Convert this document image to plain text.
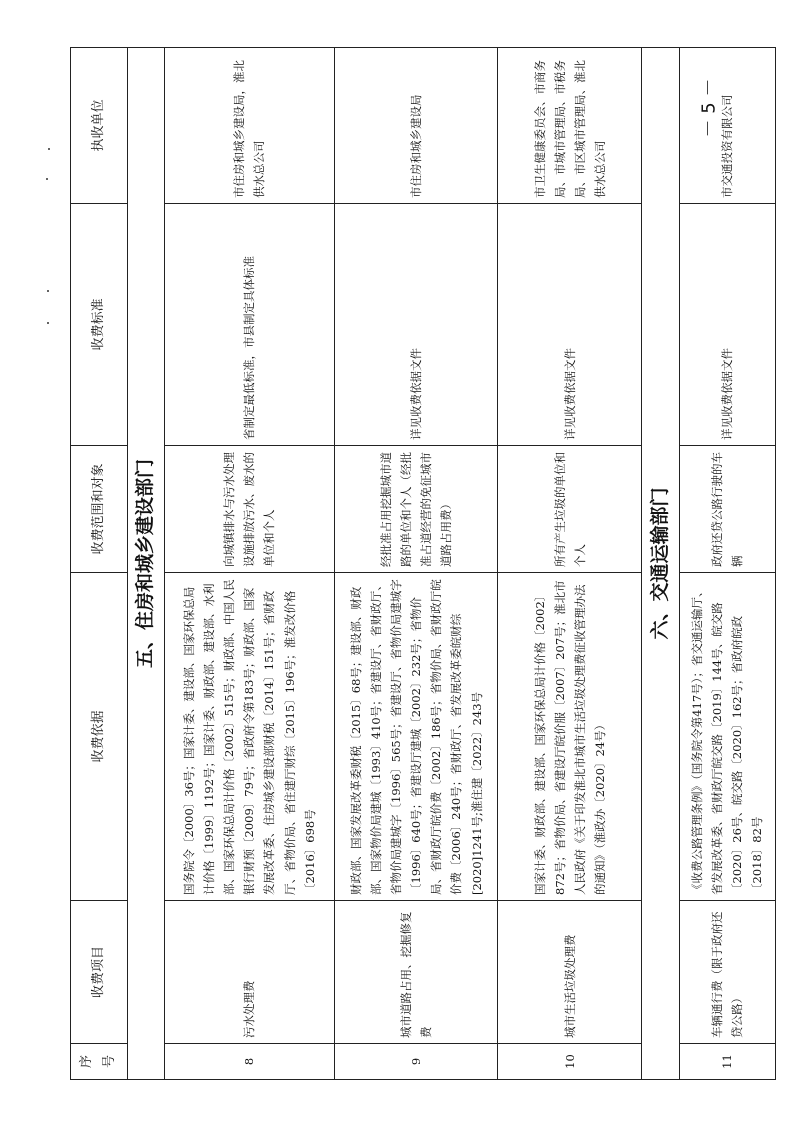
序号	收费项目	收费依据	收费范围和对象	收费标准	执收单位
五、住房和城乡建设部门					
8	污水处理费	国务院令〔2000〕36号；国家计委、建设部、国家环保总局计价格〔1999〕1192号；国家计委、财政部、建设部、水利部、国家环保总局计价格〔2002〕515号；财政部、中国人民银行财预〔2009〕79号；省政府令第183号；财政部、国家发展改革委、住房城乡建设部财税〔2014〕151号；省财政厅、省物价局、省住建厅财综〔2015〕196号；淮发改价格〔2016〕698号	向城镇排水与污水处理设施排放污水、废水的单位和个人	省制定最低标准，市县制定具体标准	市住房和城乡建设局，淮北供水总公司
9	城市道路占用、挖掘修复费	财政部、国家发展改革委财税〔2015〕68号；建设部、财政部、国家物价局建城〔1993〕410号；省建设厅、省财政厅、省物价局建城字〔1996〕565号；省建设厅、省物价局建城字〔1996〕640号；省建设厅建城〔2002〕232号；省物价局、省财政厅皖价费〔2002〕186号；省物价局、省财政厅皖价费〔2006〕240号；省财政厅、省发展改革委皖财综[2020]1241号;淮住建〔2022〕243号	经批准占用挖掘城市道路的单位和个人（经批准占道经营的免征城市道路占用费）	详见收费依据文件	市住房和城乡建设局
10	城市生活垃圾处理费	国家计委、财政部、建设部、国家环保总局计价格〔2002〕872号；省物价局、省建设厅皖价服〔2007〕207号；淮北市人民政府《关于印发淮北市城市生活垃圾处理费征收管理办法的通知》（淮政办〔2020〕24号）	所有产生垃圾的单位和个人	详见收费依据文件	市卫生健康委员会、市商务局、市城市管理局、市税务局、市区城市管理局、淮北供水总公司
六、交通运输部门					
11	车辆通行费（限于政府还贷公路）	《收费公路管理条例》（国务院令第417号）；省交通运输厅、省发展改革委、省财政厅皖交路〔2019〕144号、皖交路〔2020〕26号、皖交路〔2020〕162号；省政府皖政〔2018〕82号	政府还贷公路行驶的车辆	详见收费依据文件	市交通投资有限公司
－ 5 －
